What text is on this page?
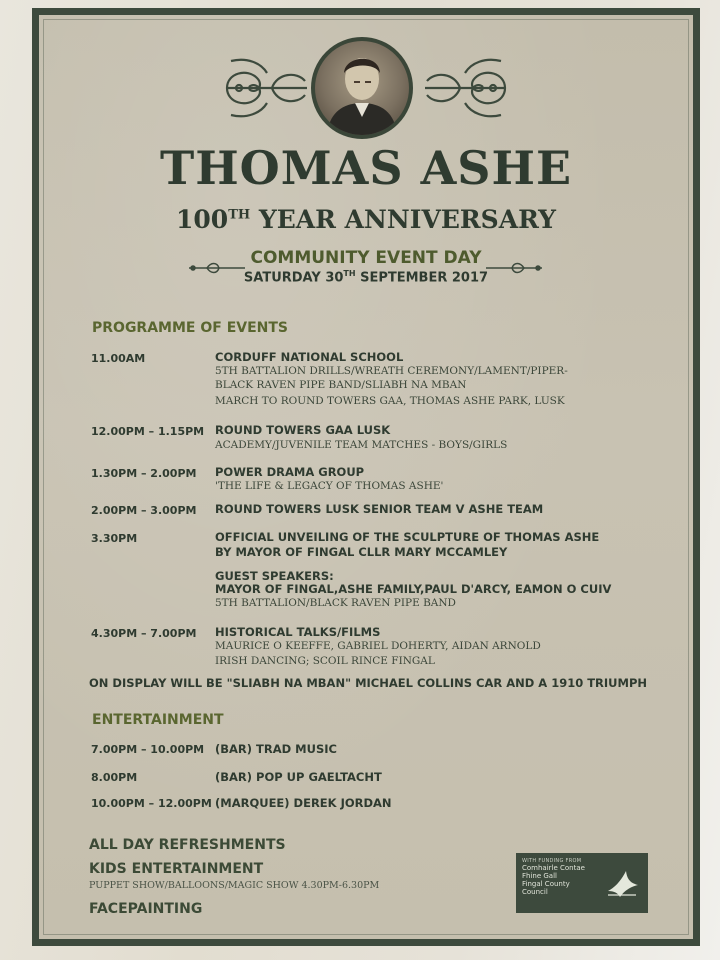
THOMAS ASHE
100TH YEAR ANNIVERSARY
COMMUNITY EVENT DAY
SATURDAY 30TH SEPTEMBER 2017
PROGRAMME OF EVENTS
11.00AM	CORDUFF NATIONAL SCHOOL
5TH BATTALION DRILLS/WREATH CEREMONY/LAMENT/PIPER-
BLACK RAVEN PIPE BAND/SLIABH NA MBAN
MARCH TO ROUND TOWERS GAA, THOMAS ASHE PARK, LUSK
12.00PM – 1.15PM ROUND TOWERS GAA LUSK
ACADEMY/JUVENILE TEAM MATCHES - BOYS/GIRLS
1.30PM – 2.00PM POWER DRAMA GROUP
'THE LIFE & LEGACY OF THOMAS ASHE'
2.00PM – 3.00PM ROUND TOWERS LUSK SENIOR TEAM V ASHE TEAM
3.30PM	OFFICIAL UNVEILING OF THE SCULPTURE OF THOMAS ASHE
BY MAYOR OF FINGAL CLLR MARY MCCAMLEY
GUEST SPEAKERS:
MAYOR OF FINGAL,ASHE FAMILY,PAUL D'ARCY, EAMON O CUIV
5TH BATTALION/BLACK RAVEN PIPE BAND
4.30PM – 7.00PM HISTORICAL TALKS/FILMS
MAURICE O KEEFFE, GABRIEL DOHERTY, AIDAN ARNOLD
IRISH DANCING; SCOIL RINCE FINGAL
ON DISPLAY WILL BE "SLIABH NA MBAN" MICHAEL COLLINS CAR AND A 1910 TRIUMPH
ENTERTAINMENT
7.00PM – 10.00PM (BAR) TRAD MUSIC
8.00PM	(BAR) POP UP GAELTACHT
10.00PM – 12.00PM (MARQUEE) DEREK JORDAN
ALL DAY REFRESHMENTS
KIDS ENTERTAINMENT
PUPPET SHOW/BALLOONS/MAGIC SHOW 4.30PM-6.30PM
FACEPAINTING
WITH FUNDING FROM
Comhairle Contae
Fhine Gall
Fingal County
Council
